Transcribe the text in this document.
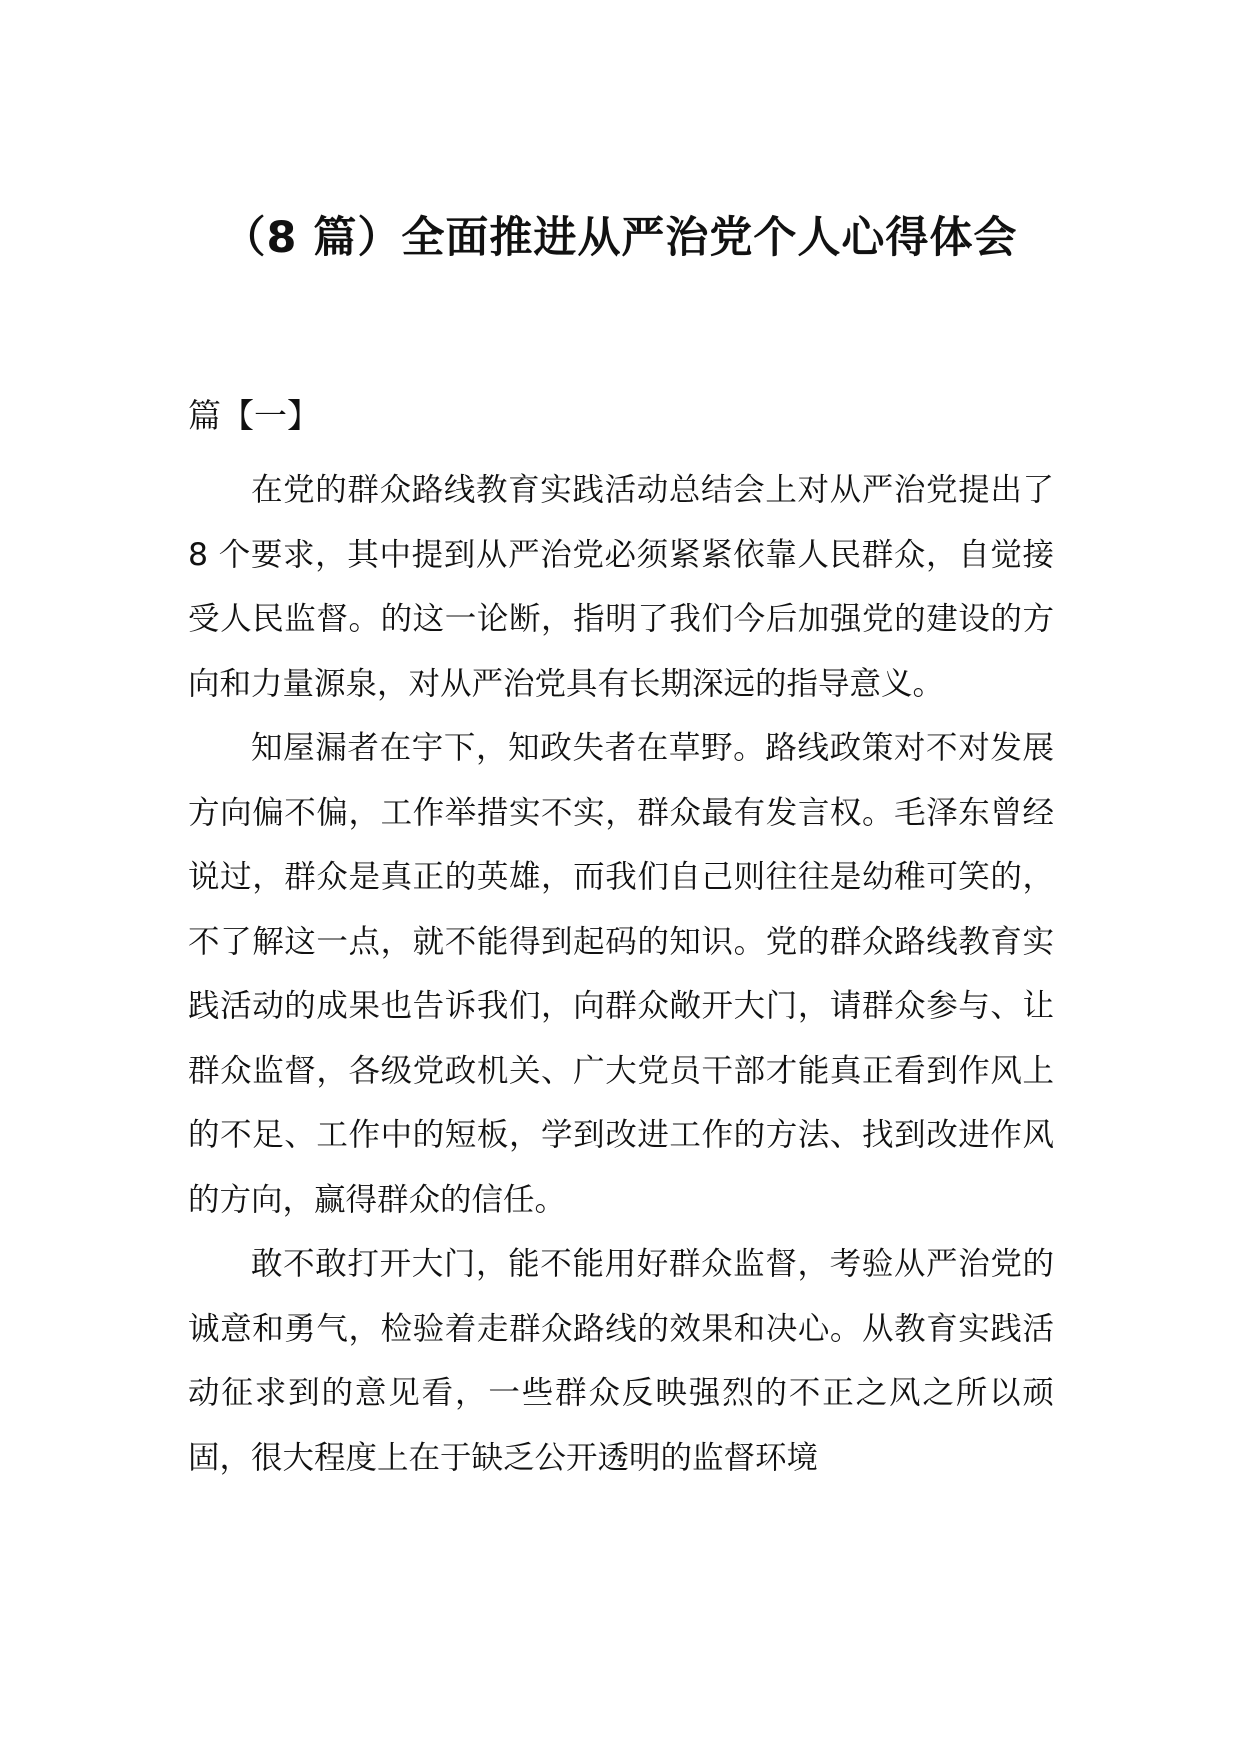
（8 篇）全面推进从严治党个人心得体会
篇【一】

在党的群众路线教育实践活动总结会上对从严治党提出了 8 个要求，其中提到从严治党必须紧紧依靠人民群众，自觉接受人民监督。的这一论断，指明了我们今后加强党的建设的方向和力量源泉，对从严治党具有长期深远的指导意义。

知屋漏者在宇下，知政失者在草野。路线政策对不对发展方向偏不偏，工作举措实不实，群众最有发言权。毛泽东曾经说过，群众是真正的英雄，而我们自己则往往是幼稚可笑的，不了解这一点，就不能得到起码的知识。党的群众路线教育实践活动的成果也告诉我们，向群众敞开大门，请群众参与、让群众监督，各级党政机关、广大党员干部才能真正看到作风上的不足、工作中的短板，学到改进工作的方法、找到改进作风的方向，赢得群众的信任。

敢不敢打开大门，能不能用好群众监督，考验从严治党的诚意和勇气，检验着走群众路线的效果和决心。从教育实践活动征求到的意见看，一些群众反映强烈的不正之风之所以顽固，很大程度上在于缺乏公开透明的监督环境
